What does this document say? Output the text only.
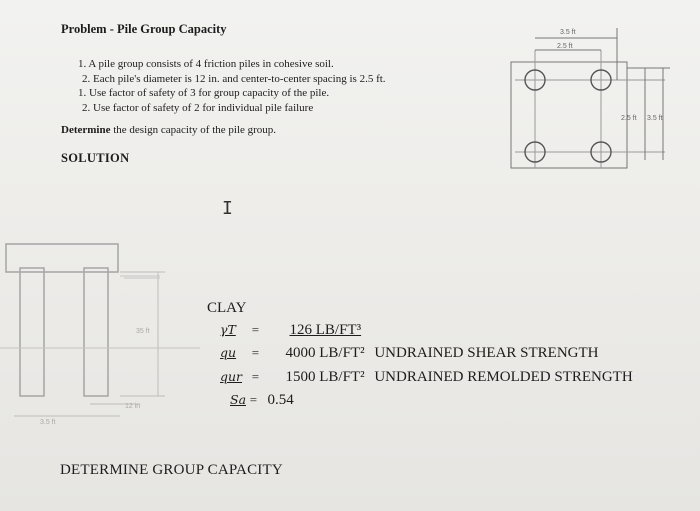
Problem - Pile Group Capacity
1. A pile group consists of 4 friction piles in cohesive soil.
2. Each pile's diameter is 12 in. and center-to-center spacing is 2.5 ft.
1. Use factor of safety of 3 for group capacity of the pile.
2. Use factor of safety of 2 for individual pile failure
Determine the design capacity of the pile group.
SOLUTION
I
3.5 ft
2.5 ft
2.5 ft 3.5 ft
35 ft
12 in
3.5 ft
CLAY
γT = 126 LB/FT³
qu = 4000 LB/FT² UNDRAINED SHEAR STRENGTH
qur = 1500 LB/FT² UNDRAINED REMOLDED STRENGTH
Sa = 0.54
DETERMINE GROUP CAPACITY
